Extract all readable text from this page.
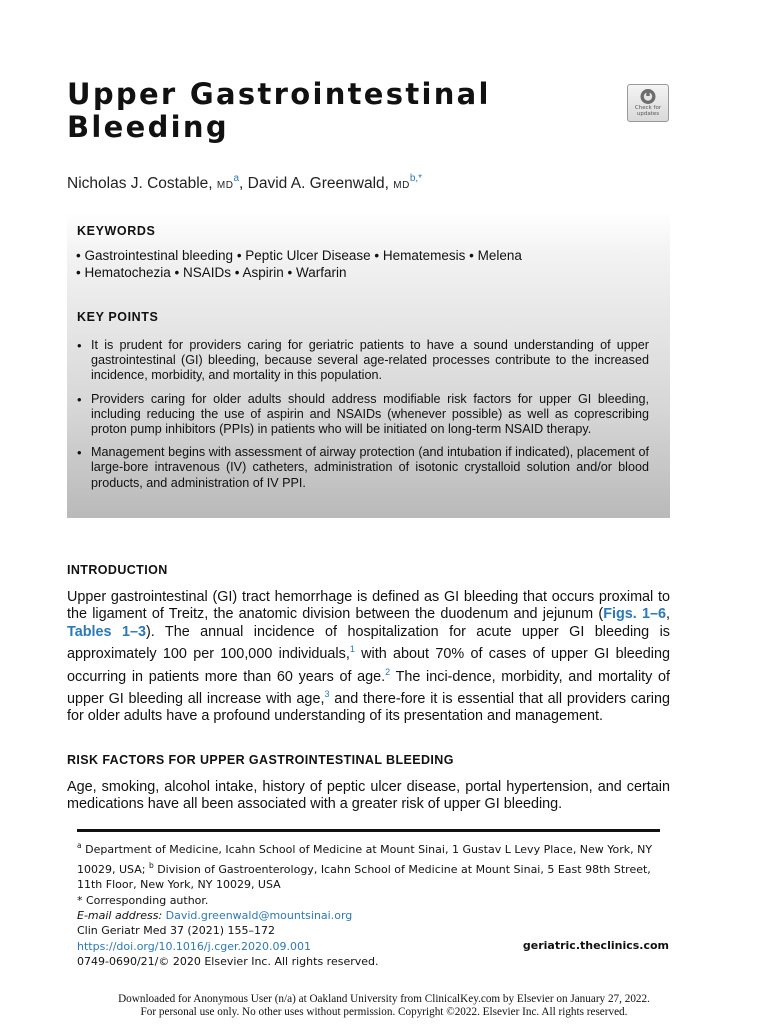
Upper Gastrointestinal
Bleeding
Check for
updates

Nicholas J. Costable, $MD^a$, David A. Greenwald, $MD^{b,*}$

KEYWORDS

• Gastrointestinal bleeding • Peptic Ulcer Disease • Hematemesis • Melena

• Hematochezia • NSAIDs • Aspirin • Warfarin

KEY POINTS

• It is prudent for providers caring for geriatric patients to have a sound understanding of upper gastrointestinal (GI) bleeding, because several age-related processes contribute to the increased incidence, morbidity, and mortality in this population.
• Providers caring for older adults should address modifiable risk factors for upper GI bleeding, including reducing the use of aspirin and NSAIDs (whenever possible) as well as coprescribing proton pump inhibitors (PPIs) in patients who will be initiated on long-term NSAID therapy.
• Management begins with assessment of airway protection (and intubation if indicated), placement of large-bore intravenous (IV) catheters, administration of isotonic crystalloid solution and/or blood products, and administration of IV PPI.

INTRODUCTION

Upper gastrointestinal (GI) tract hemorrhage is defined as GI bleeding that occurs proximal to the ligament of Treitz, the anatomic division between the duodenum and jejunum (Figs. 1–6, Tables 1–3). The annual incidence of hospitalization for acute upper GI bleeding is approximately 100 per 100,000 individuals,$^1$ with about 70% of cases of upper GI bleeding occurring in patients more than 60 years of age.$^2$ The inci-dence, morbidity, and mortality of upper GI bleeding all increase with age,$^3$ and there-fore it is essential that all providers caring for older adults have a profound understanding of its presentation and management.

RISK FACTORS FOR UPPER GASTROINTESTINAL BLEEDING

Age, smoking, alcohol intake, history of peptic ulcer disease, portal hypertension, and certain medications have all been associated with a greater risk of upper GI bleeding.

$^a$ Department of Medicine, Icahn School of Medicine at Mount Sinai, 1 Gustav L Levy Place, New York, NY 10029, USA; $^b$ Division of Gastroenterology, Icahn School of Medicine at Mount Sinai, 5 East 98th Street, 11th Floor, New York, NY 10029, USA
* Corresponding author.
E-mail address: David.greenwald@mountsinai.org

Clin Geriatr Med 37 (2021) 155–172
https://doi.org/10.1016/j.cger.2020.09.001
0749-0690/21/© 2020 Elsevier Inc. All rights reserved.

geriatric.theclinics.com

Downloaded for Anonymous User (n/a) at Oakland University from ClinicalKey.com by Elsevier on January 27, 2022.
For personal use only. No other uses without permission. Copyright ©2022. Elsevier Inc. All rights reserved.
